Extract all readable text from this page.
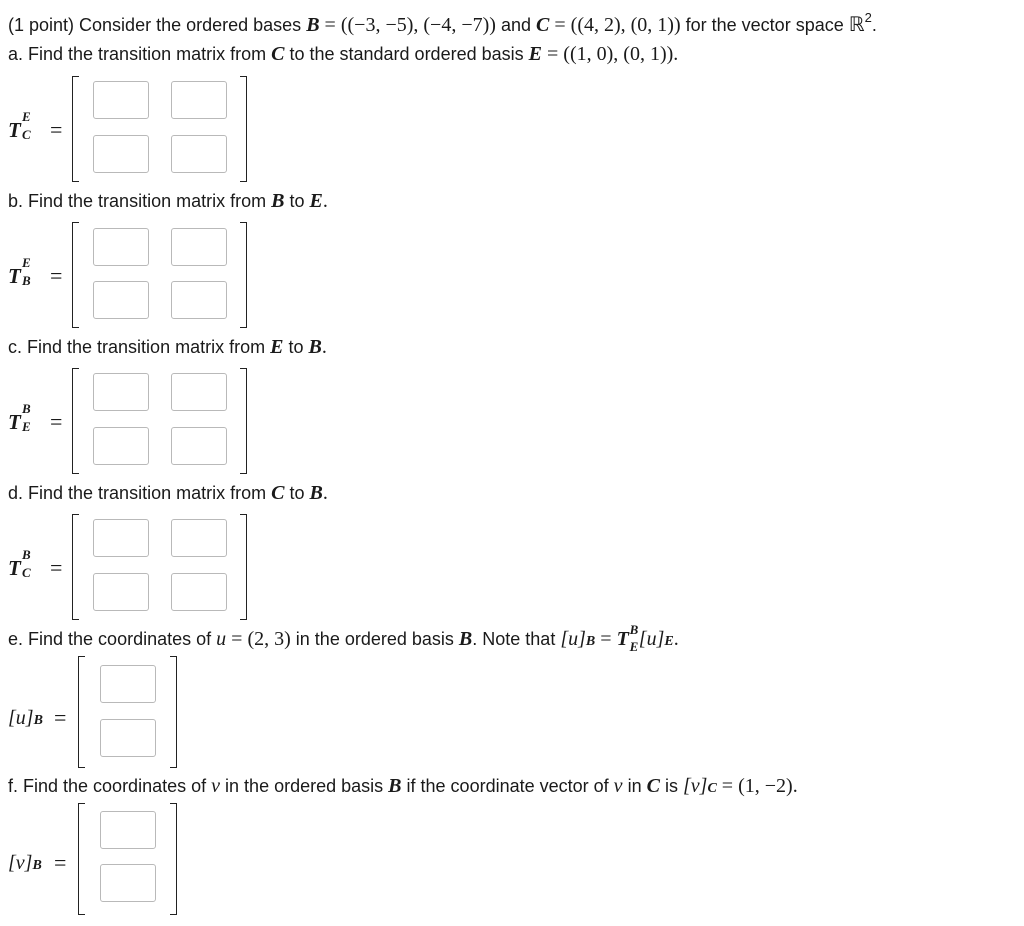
(1 point) Consider the ordered bases B = ((−3, −5), (−4, −7)) and C = ((4, 2), (0, 1)) for the vector space ℝ$^2$.
a. Find the transition matrix from C to the standard ordered basis E = ((1, 0), (0, 1)).
T
E
C =
b. Find the transition matrix from B to E.
T
E
B =
c. Find the transition matrix from E to B.
T
B
E =
d. Find the transition matrix from C to B.
T
B
C =
e. Find the coordinates of u = (2, 3) in the ordered basis B. Note that [u]B = T B
E [u]E.
[u]B =
f. Find the coordinates of v in the ordered basis B if the coordinate vector of v in C is [v]C = (1, −2).
[v]B =
